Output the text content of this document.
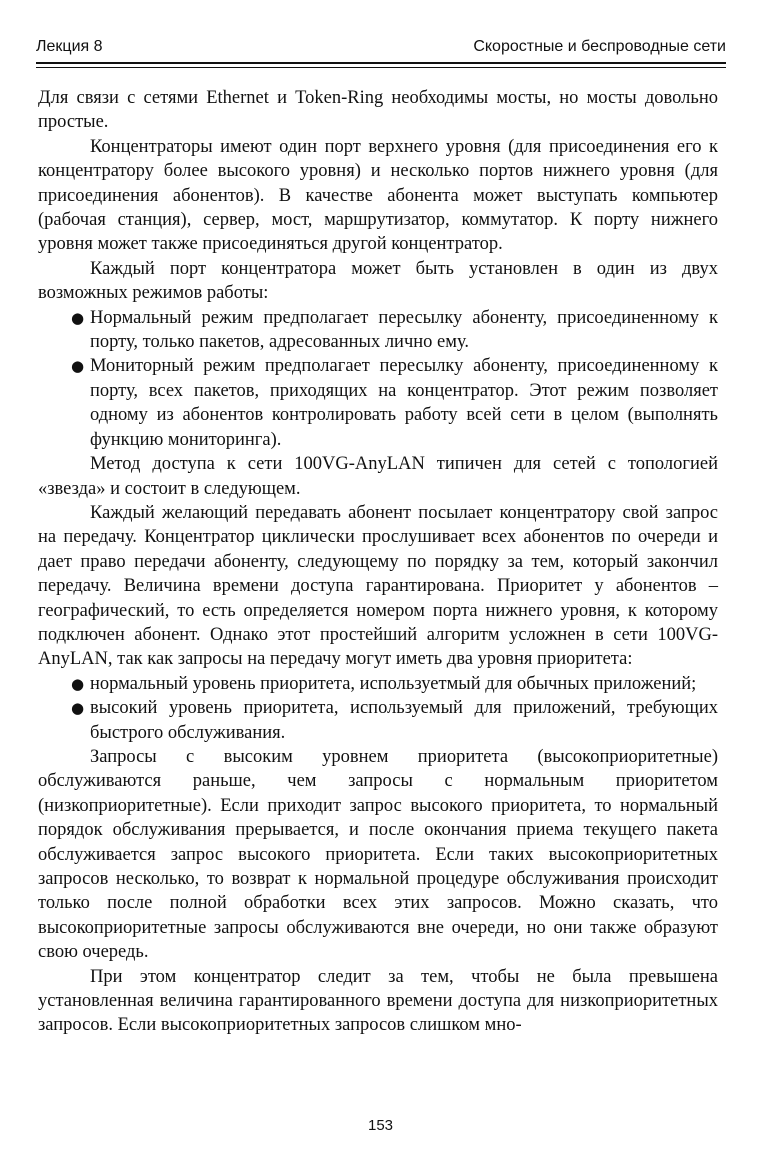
Лекция 8	Скоростные и беспроводные сети

Для связи с сетями Ethernet и Token-Ring необходимы мосты, но мосты довольно простые.

Концентраторы имеют один порт верхнего уровня (для присоединения его к концентратору более высокого уровня) и несколько портов нижнего уровня (для присоединения абонентов). В качестве абонента может выступать компьютер (рабочая станция), сервер, мост, маршрутизатор, коммутатор. К порту нижнего уровня может также присоединяться другой концентратор.

Каждый порт концентратора может быть установлен в один из двух возможных режимов работы:

● Нормальный режим предполагает пересылку абоненту, присоединенному к порту, только пакетов, адресованных лично ему.
● Мониторный режим предполагает пересылку абоненту, присоединенному к порту, всех пакетов, приходящих на концентратор. Этот режим позволяет одному из абонентов контролировать работу всей сети в целом (выполнять функцию мониторинга).

Метод доступа к сети 100VG-AnyLAN типичен для сетей с топологией «звезда» и состоит в следующем.

Каждый желающий передавать абонент посылает концентратору свой запрос на передачу. Концентратор циклически прослушивает всех абонентов по очереди и дает право передачи абоненту, следующему по порядку за тем, который закончил передачу. Величина времени доступа гарантирована. Приоритет у абонентов – географический, то есть определяется номером порта нижнего уровня, к которому подключен абонент. Однако этот простейший алгоритм усложнен в сети 100VG-AnyLAN, так как запросы на передачу могут иметь два уровня приоритета:

● нормальный уровень приоритета, используетмый для обычных приложений;
● высокий уровень приоритета, используемый для приложений, требующих быстрого обслуживания.

Запросы с высоким уровнем приоритета (высокоприоритетные) обслуживаются раньше, чем запросы с нормальным приоритетом (низкоприоритетные). Если приходит запрос высокого приоритета, то нормальный порядок обслуживания прерывается, и после окончания приема текущего пакета обслуживается запрос высокого приоритета. Если таких высокоприоритетных запросов несколько, то возврат к нормальной процедуре обслуживания происходит только после полной обработки всех этих запросов. Можно сказать, что высокоприоритетные запросы обслуживаются вне очереди, но они также образуют свою очередь.

При этом концентратор следит за тем, чтобы не была превышена установленная величина гарантированного времени доступа для низкоприоритетных запросов. Если высокоприоритетных запросов слишком мно-

153
